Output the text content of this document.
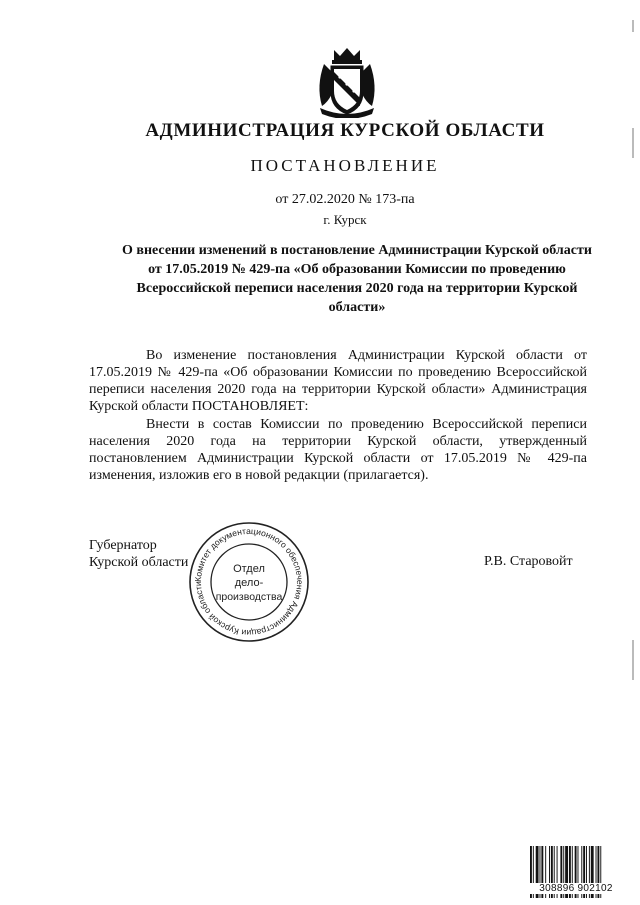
АДМИНИСТРАЦИЯ КУРСКОЙ ОБЛАСТИ
ПОСТАНОВЛЕНИЕ
от 27.02.2020 № 173-па
г. Курск
О внесении изменений в постановление Администрации Курской области от 17.05.2019 № 429-па «Об образовании Комиссии по проведению Всероссийской переписи населения 2020 года на территории Курской области»

Во изменение постановления Администрации Курской области от 17.05.2019 № 429-па «Об образовании Комиссии по проведению Всероссийской переписи населения 2020 года на территории Курской области» Администрация Курской области ПОСТАНОВЛЯЕТ:

Внести в состав Комиссии по проведению Всероссийской переписи населения 2020 года на территории Курской области, утвержденный постановлением Администрации Курской области от 17.05.2019 № 429-па изменения, изложив его в новой редакции (прилагается).

Губернатор
Курской области	Р.В. Старовойт
Комитет документационного обеспечения Администрации Курской области
Отдел
дело-
производства
308896 902102
